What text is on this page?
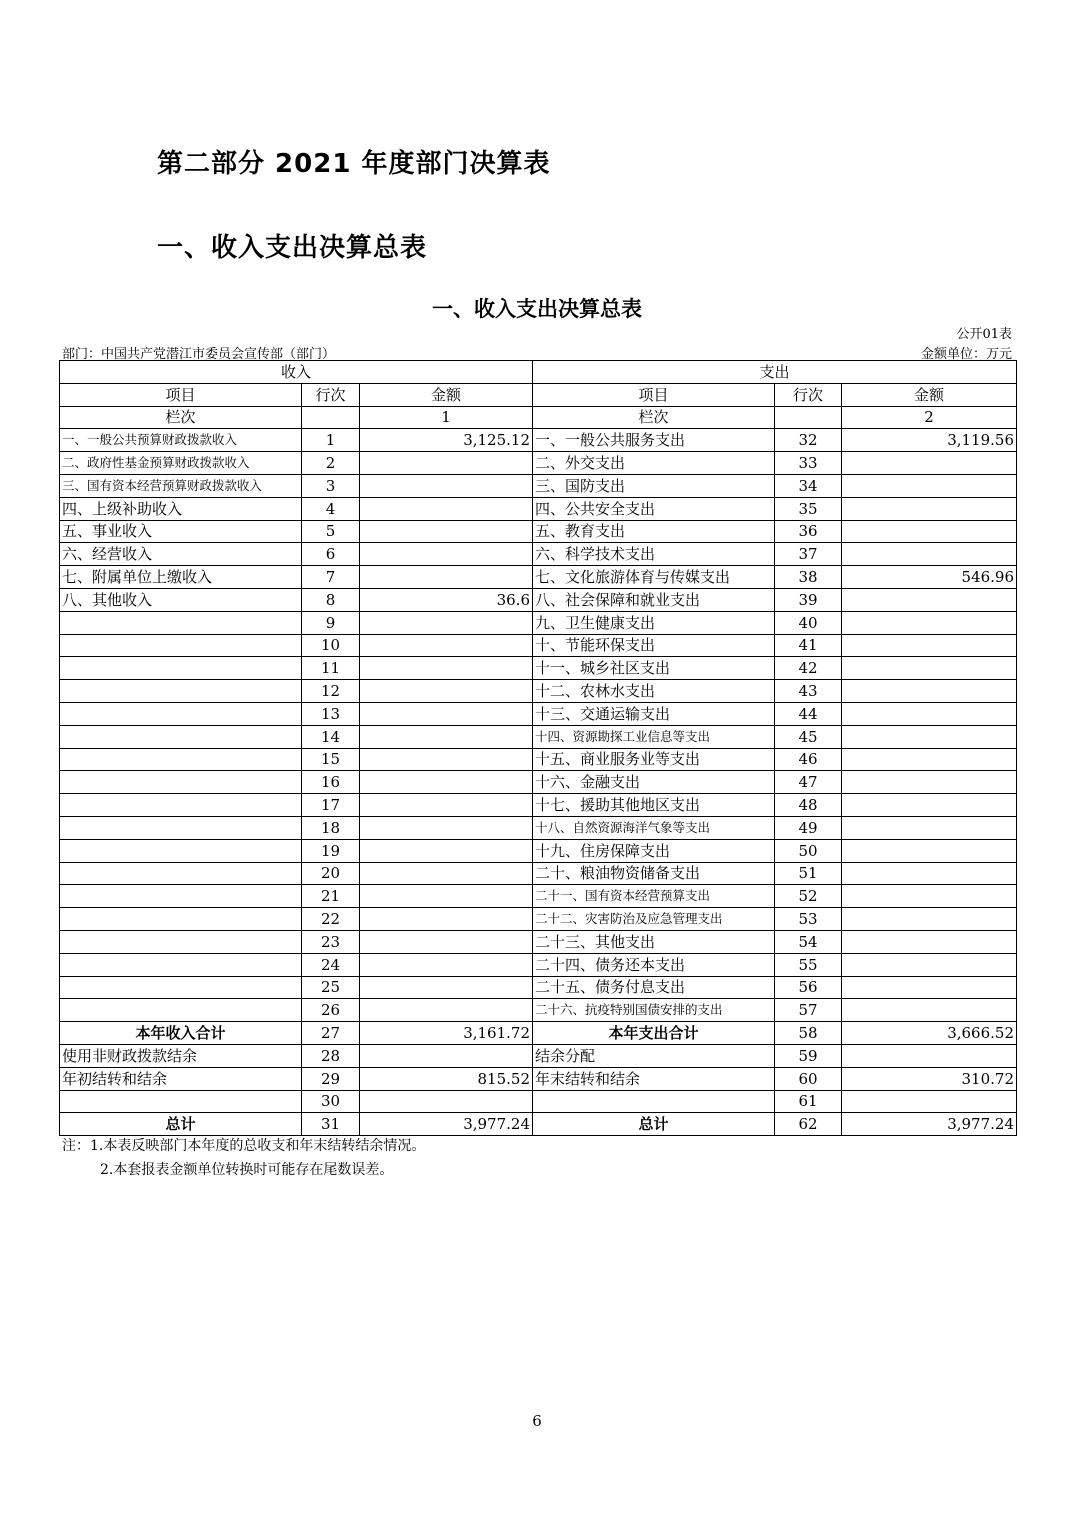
第二部分 2021 年度部门决算表
一、收入支出决算总表
一、收入支出决算总表
公开01表
部门：中国共产党潜江市委员会宣传部（部门）	金额单位：万元
收入			支出		
项目	行次	金额	项目	行次	金额
栏次		1	栏次		2
一、一般公共预算财政拨款收入	1	3,125.12	一、一般公共服务支出	32	3,119.56
二、政府性基金预算财政拨款收入	2		二、外交支出	33	
三、国有资本经营预算财政拨款收入	3		三、国防支出	34	
四、上级补助收入	4		四、公共安全支出	35	
五、事业收入	5		五、教育支出	36	
六、经营收入	6		六、科学技术支出	37	
七、附属单位上缴收入	7		七、文化旅游体育与传媒支出	38	546.96
八、其他收入	8	36.6	八、社会保障和就业支出	39	
	9		九、卫生健康支出	40	
	10		十、节能环保支出	41	
	11		十一、城乡社区支出	42	
	12		十二、农林水支出	43	
	13		十三、交通运输支出	44	
	14		十四、资源勘探工业信息等支出	45	
	15		十五、商业服务业等支出	46	
	16		十六、金融支出	47	
	17		十七、援助其他地区支出	48	
	18		十八、自然资源海洋气象等支出	49	
	19		十九、住房保障支出	50	
	20		二十、粮油物资储备支出	51	
	21		二十一、国有资本经营预算支出	52	
	22		二十二、灾害防治及应急管理支出	53	
	23		二十三、其他支出	54	
	24		二十四、债务还本支出	55	
	25		二十五、债务付息支出	56	
	26		二十六、抗疫特别国债安排的支出	57	
本年收入合计	27	3,161.72	本年支出合计	58	3,666.52
使用非财政拨款结余	28		结余分配	59	
年初结转和结余	29	815.52	年末结转和结余	60	310.72
	30			61	
总计	31	3,977.24	总计	62	3,977.24
注：1.本表反映部门本年度的总收支和年末结转结余情况。
2.本套报表金额单位转换时可能存在尾数误差。
6
